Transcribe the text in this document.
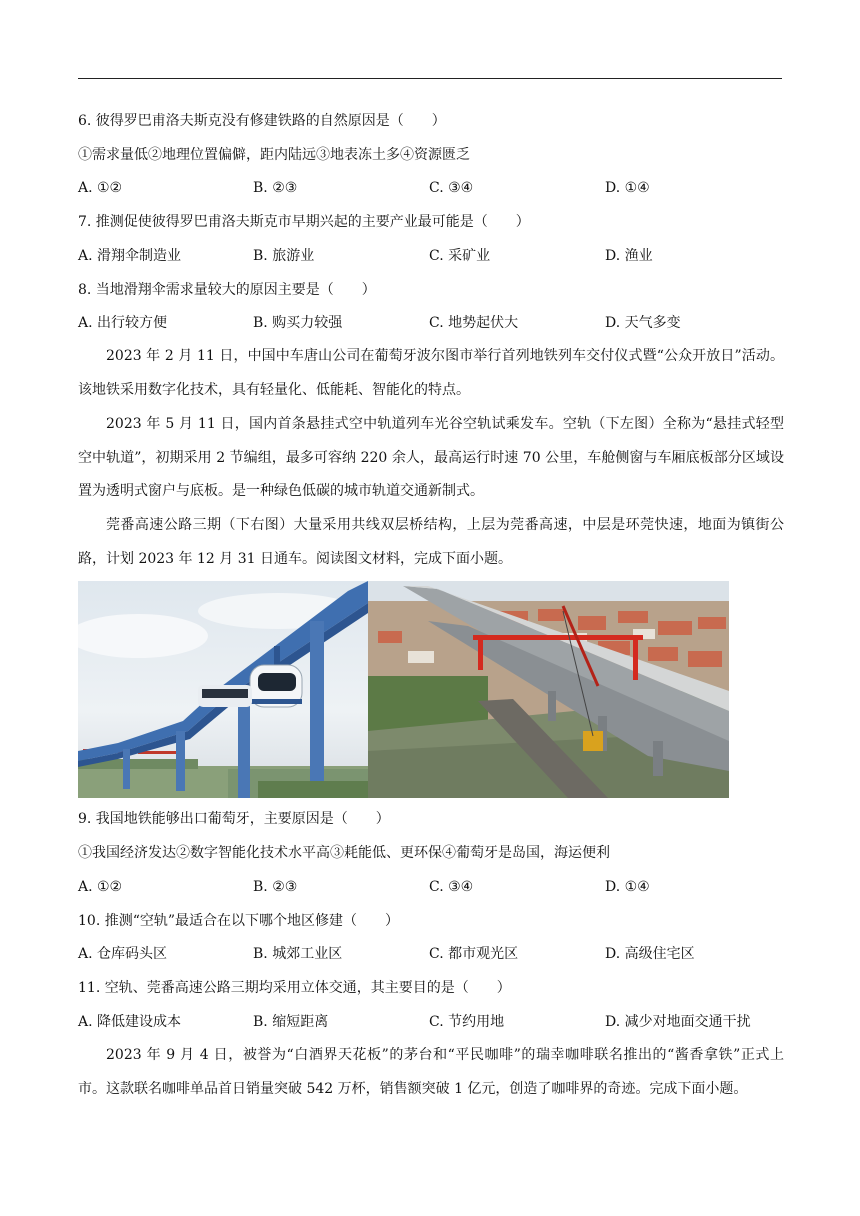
6. 彼得罗巴甫洛夫斯克没有修建铁路的自然原因是（　　）
①需求量低②地理位置偏僻，距内陆远③地表冻土多④资源匮乏
A. ①②	B. ②③	C. ③④	D. ①④
7. 推测促使彼得罗巴甫洛夫斯克市早期兴起的主要产业最可能是（　　）
A. 滑翔伞制造业	B. 旅游业	C. 采矿业	D. 渔业
8. 当地滑翔伞需求量较大的原因主要是（　　）
A. 出行较方便	B. 购买力较强	C. 地势起伏大	D. 天气多变
2023 年 2 月 11 日，中国中车唐山公司在葡萄牙波尔图市举行首列地铁列车交付仪式暨“公众开放日”活动。该地铁采用数字化技术，具有轻量化、低能耗、智能化的特点。
2023 年 5 月 11 日，国内首条悬挂式空中轨道列车光谷空轨试乘发车。空轨（下左图）全称为“悬挂式轻型空中轨道”，初期采用 2 节编组，最多可容纳 220 余人，最高运行时速 70 公里，车舱侧窗与车厢底板部分区域设置为透明式窗户与底板。是一种绿色低碳的城市轨道交通新制式。
莞番高速公路三期（下右图）大量采用共线双层桥结构，上层为莞番高速，中层是环莞快速，地面为镇街公路，计划 2023 年 12 月 31 日通车。阅读图文材料，完成下面小题。
9. 我国地铁能够出口葡萄牙，主要原因是（　　）
①我国经济发达②数字智能化技术水平高③耗能低、更环保④葡萄牙是岛国，海运便利
A. ①②	B. ②③	C. ③④	D. ①④
10. 推测“空轨”最适合在以下哪个地区修建（　　）
A. 仓库码头区	B. 城郊工业区	C. 都市观光区	D. 高级住宅区
11. 空轨、莞番高速公路三期均采用立体交通，其主要目的是（　　）
A. 降低建设成本	B. 缩短距离	C. 节约用地	D. 减少对地面交通干扰
2023 年 9 月 4 日，被誉为“白酒界天花板”的茅台和“平民咖啡”的瑞幸咖啡联名推出的“酱香拿铁”正式上市。这款联名咖啡单品首日销量突破 542 万杯，销售额突破 1 亿元，创造了咖啡界的奇迹。完成下面小题。
